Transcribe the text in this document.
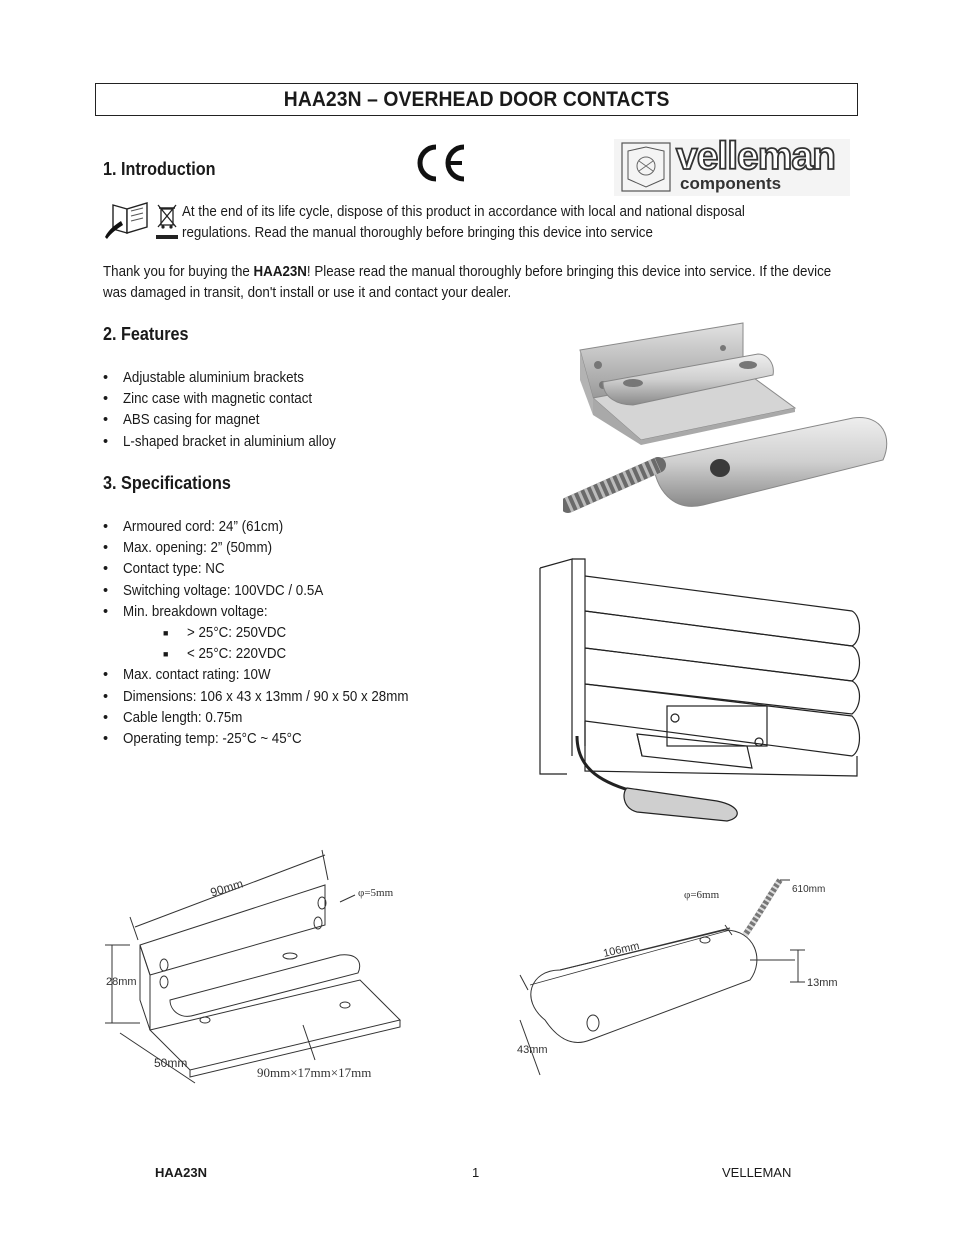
HAA23N – OVERHEAD DOOR CONTACTS
1. Introduction	velleman
components
At the end of its life cycle, dispose of this product in accordance with local and national disposal regulations. Read the manual thoroughly before bringing this device into service
Thank you for buying the HAA23N! Please read the manual thoroughly before bringing this device into service. If the device was damaged in transit, don't install or use it and contact your dealer.
2. Features
• Adjustable aluminium brackets
• Zinc case with magnetic contact
• ABS casing for magnet
• L-shaped bracket in aluminium alloy
3. Specifications
• Armoured cord: 24” (61cm)
• Max. opening: 2” (50mm)
• Contact type: NC
• Switching voltage: 100VDC / 0.5A
• Min. breakdown voltage:
■ > 25°C: 250VDC
■ < 25°C: 220VDC
• Max. contact rating: 10W
• Dimensions: 106 x 43 x 13mm / 90 x 50 x 28mm
• Cable length: 0.75m
• Operating temp: -25°C ~ 45°C
90mm	φ=5mm
28mm
50mm
90mm×17mm×17mm
φ=6mm	610mm
106mm
13mm
43mm
HAA23N	1	VELLEMAN
